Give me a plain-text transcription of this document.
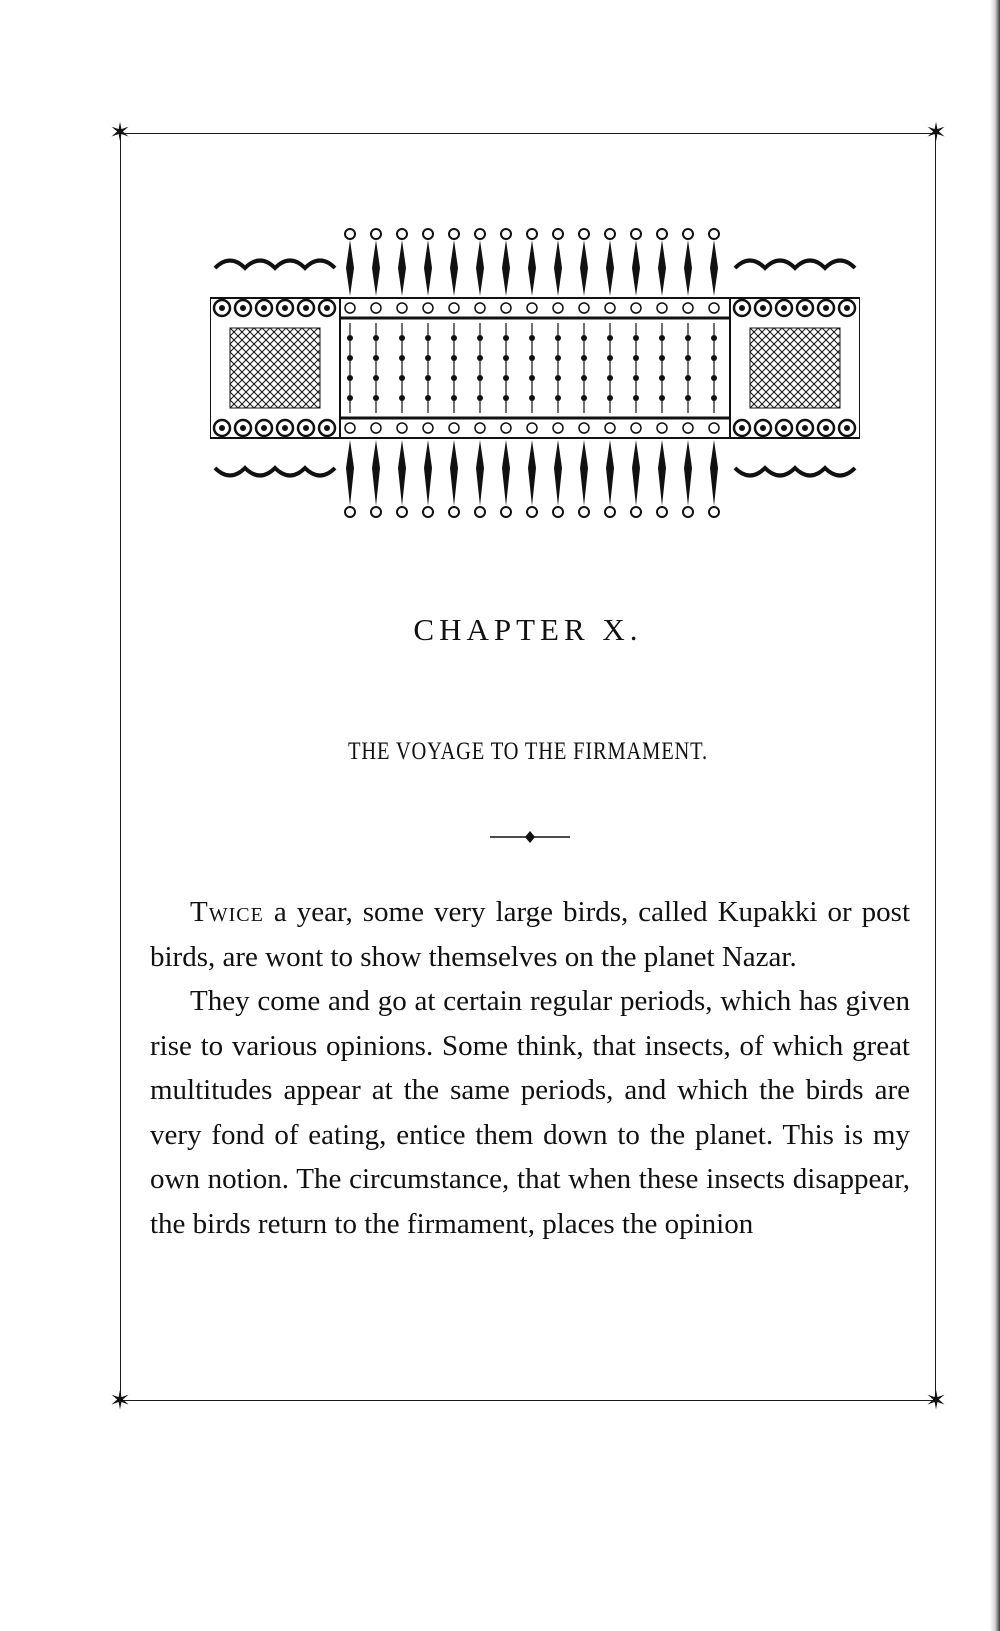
✶	✶
✶	✶
CHAPTER X.
THE VOYAGE TO THE FIRMAMENT.

Twice a year, some very large birds, called Kupakki or post birds, are wont to show themselves on the planet Nazar.

They come and go at certain regular periods, which has given rise to various opinions. Some think, that insects, of which great multitudes appear at the same periods, and which the birds are very fond of eating, entice them down to the planet. This is my own notion. The circumstance, that when these insects disappear, the birds return to the firmament, places the opinion
